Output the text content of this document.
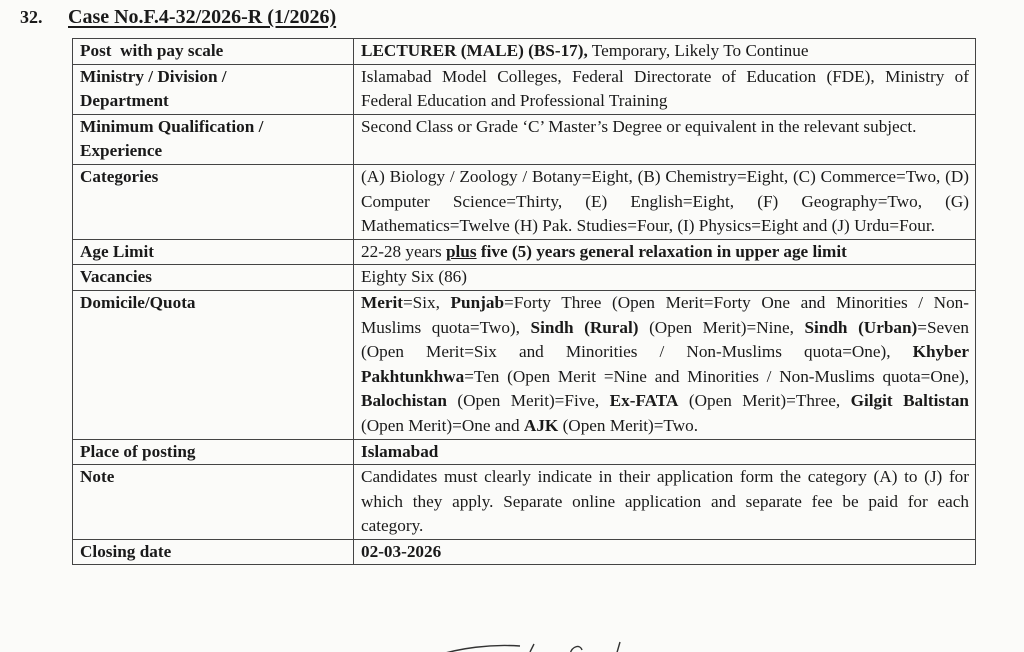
32. Case No.F.4-32/2026-R (1/2026)
Post  with pay scale	LECTURER (MALE) (BS-17), Temporary, Likely To Continue
Ministry / Division / Department	Islamabad Model Colleges, Federal Directorate of Education (FDE), Ministry of Federal Education and Professional Training
Minimum Qualification / Experience	Second Class or Grade ‘C’ Master’s Degree or equivalent in the relevant subject.
Categories	(A) Biology / Zoology / Botany=Eight, (B) Chemistry=Eight, (C) Commerce=Two, (D) Computer Science=Thirty, (E) English=Eight, (F) Geography=Two, (G) Mathematics=Twelve (H) Pak. Studies=Four, (I) Physics=Eight and (J) Urdu=Four.
Age Limit	22-28 years plus five (5) years general relaxation in upper age limit
Vacancies	Eighty Six (86)
Domicile/Quota	Merit=Six, Punjab=Forty Three (Open Merit=Forty One and Minorities / Non-Muslims quota=Two), Sindh (Rural) (Open Merit)=Nine, Sindh (Urban)=Seven (Open Merit=Six and Minorities / Non-Muslims quota=One), Khyber Pakhtunkhwa=Ten (Open Merit =Nine and Minorities / Non-Muslims quota=One), Balochistan (Open Merit)=Five, Ex-FATA (Open Merit)=Three, Gilgit Baltistan (Open Merit)=One and AJK (Open Merit)=Two.
Place of posting	Islamabad
Note	Candidates must clearly indicate in their application form the category (A) to (J) for which they apply. Separate online application and separate fee be paid for each category.
Closing date	02-03-2026
